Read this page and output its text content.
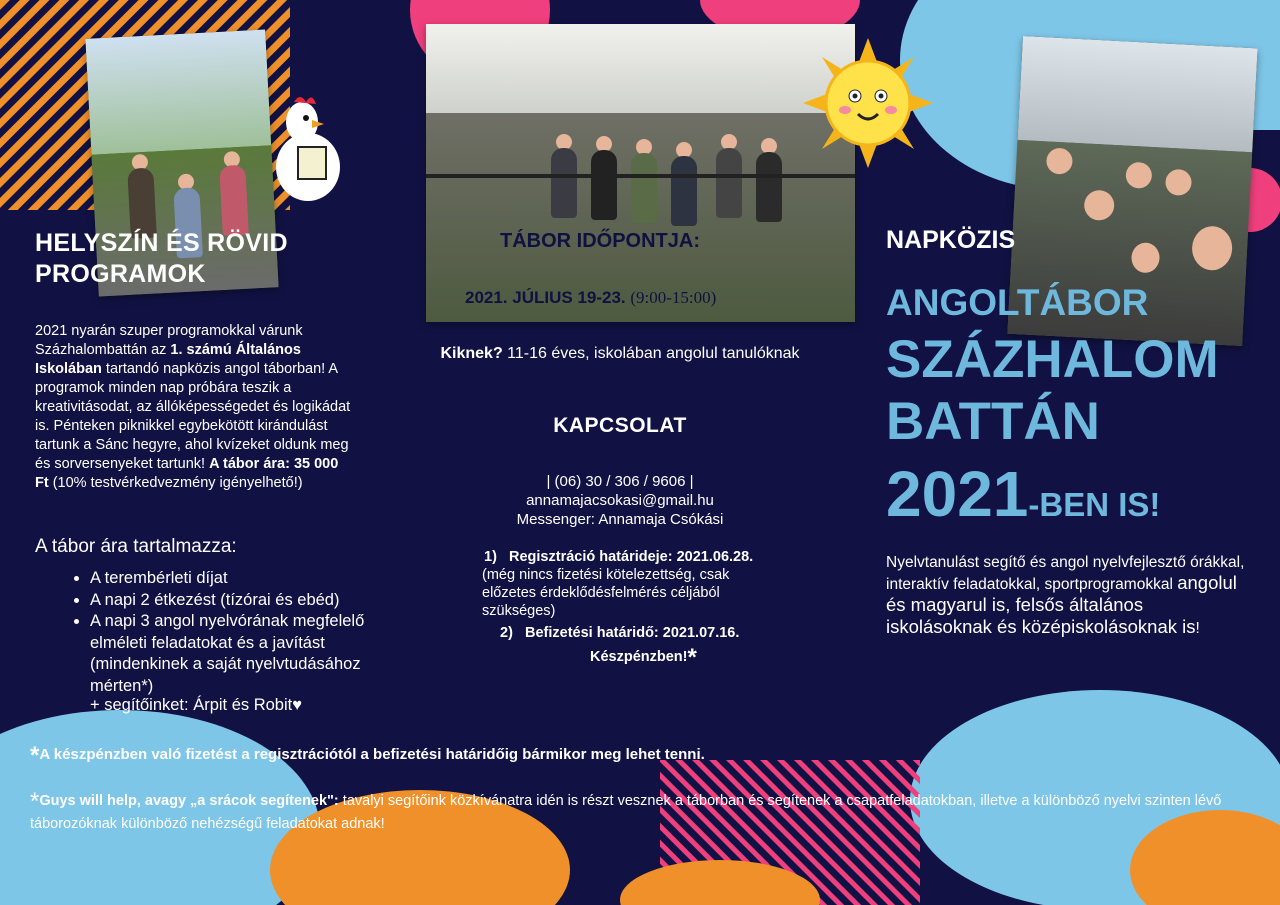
HELYSZÍN ÉS RÖVID
PROGRAMOK
2021 nyarán szuper programokkal várunk Százhalombattán az 1. számú Általános Iskolában tartandó napközis angol táborban! A programok minden nap próbára teszik a kreativitásodat, az állóképességedet és logikádat is. Pénteken piknikkel egybekötött kirándulást tartunk a Sánc hegyre, ahol kvízeket oldunk meg és sorversenyeket tartunk! A tábor ára: 35 000 Ft (10% testvérkedvezmény igényelhető!)
A tábor ára tartalmazza:
• A terembérleti díjat
• A napi 2 étkezést (tízórai és ebéd)
• A napi 3 angol nyelvórának megfelelő elméleti feladatokat és a javítást (mindenkinek a saját nyelvtudásához mérten*)
+ segítőinket: Árpit és Robit♥
TÁBOR IDŐPONTJA:
2021. JÚLIUS 19-23. (9:00-15:00)
Kiknek? 11-16 éves, iskolában angolul tanulóknak
KAPCSOLAT
| (06) 30 / 306 / 9606 |
annamajacsokasi@gmail.hu
Messenger: Annamaja Csókási
1) Regisztráció határideje: 2021.06.28.
(még nincs fizetési kötelezettség, csak előzetes érdeklődésfelmérés céljából szükséges)
2) Befizetési határidő: 2021.07.16.
Készpénzben!*
NAPKÖZIS
ANGOLTÁBOR
SZÁZHALOM
BATTÁN
2021-BEN IS!
Nyelvtanulást segítő és angol nyelvfejlesztő órákkal, interaktív feladatokkal, sportprogramokkal angolul és magyarul is, felsős általános iskolásoknak és középiskolásoknak is!
*A készpénzben való fizetést a regisztrációtól a befizetési határidőig bármikor meg lehet tenni.
*Guys will help, avagy „a srácok segítenek": tavalyi segítőink közkívánatra idén is részt vesznek a táborban és segítenek a csapatfeladatokban, illetve a különböző nyelvi szinten lévő táborozóknak különböző nehézségű feladatokat adnak!
